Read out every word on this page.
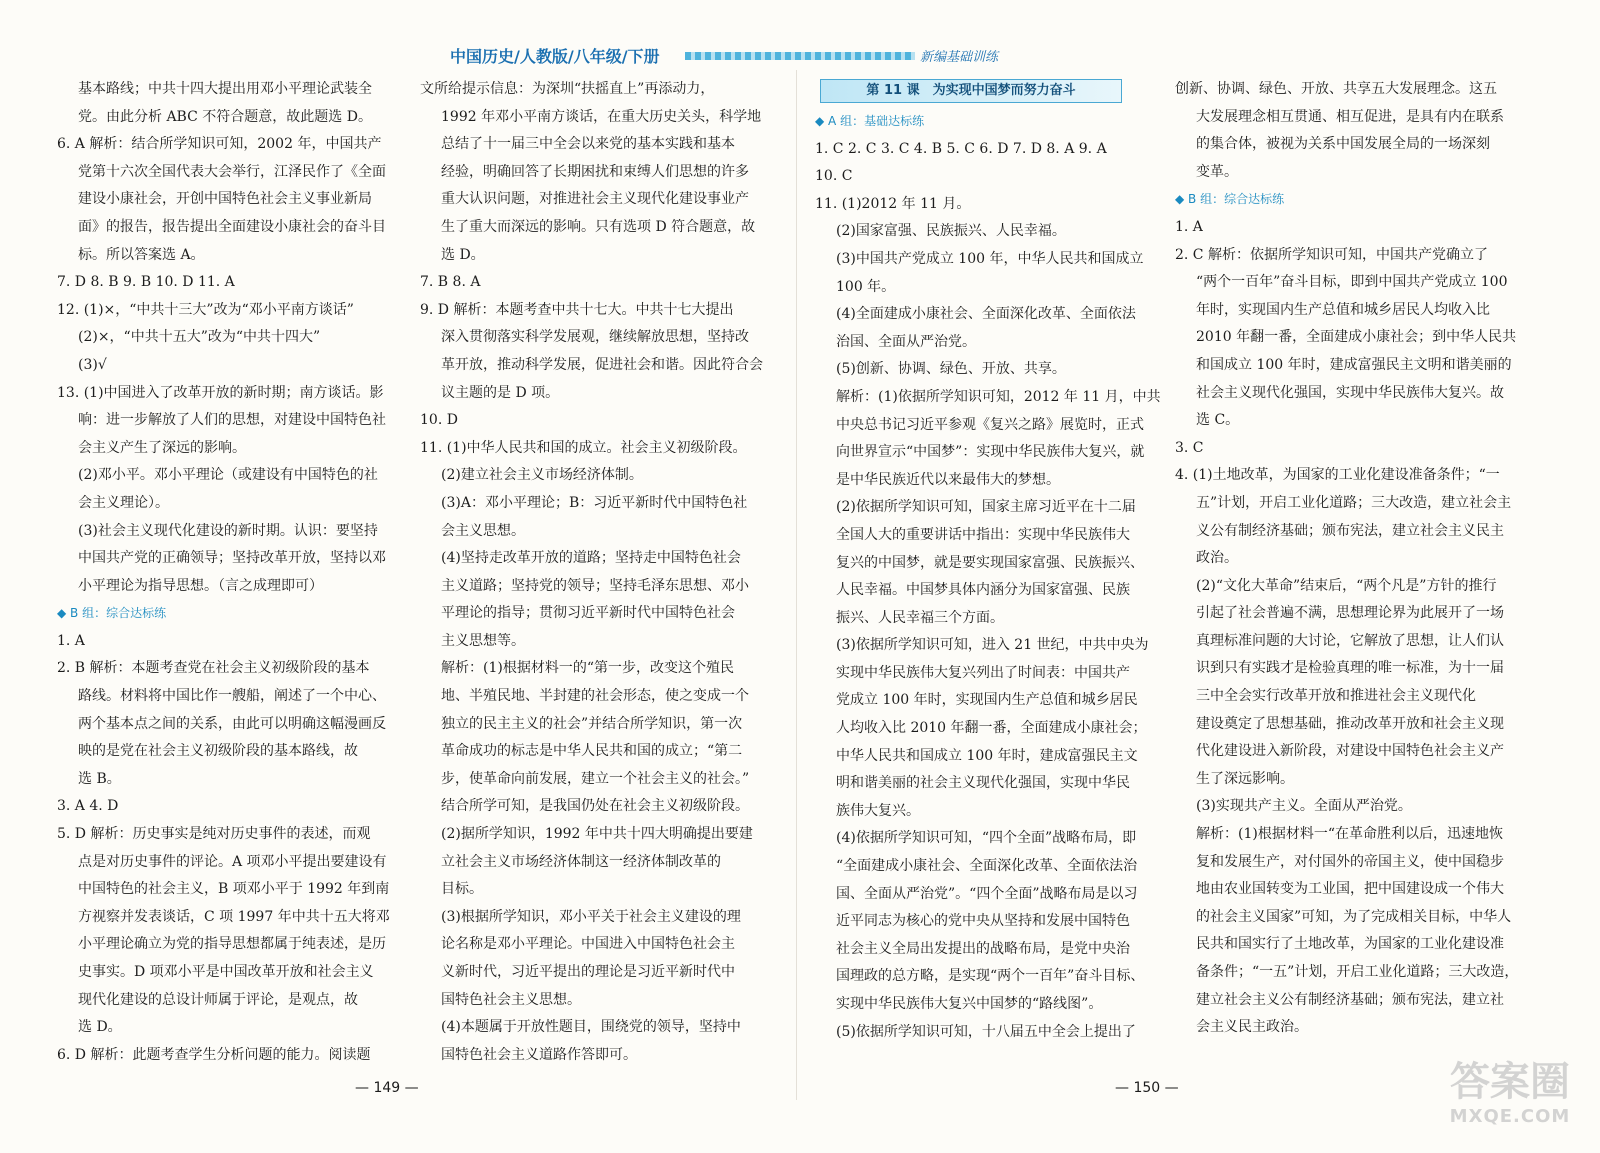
中国历史/人教版/八年级/下册	新编基础训练

基本路线；中共十四大提出用邓小平理论武装全

党。由此分析 ABC 不符合题意，故此题选 D。

6. A 解析：结合所学知识可知，2002 年，中国共产

党第十六次全国代表大会举行，江泽民作了《全面

建设小康社会，开创中国特色社会主义事业新局

面》的报告，报告提出全面建设小康社会的奋斗目

标。所以答案选 A。

7. D 8. B 9. B 10. D 11. A

12. (1)×，“中共十三大”改为“邓小平南方谈话”

(2)×，“中共十五大”改为“中共十四大”

(3)√

13. (1)中国进入了改革开放的新时期；南方谈话。影

响：进一步解放了人们的思想，对建设中国特色社

会主义产生了深远的影响。

(2)邓小平。邓小平理论（或建设有中国特色的社

会主义理论）。

(3)社会主义现代化建设的新时期。认识：要坚持

中国共产党的正确领导；坚持改革开放，坚持以邓

小平理论为指导思想。（言之成理即可）

◆ B 组：综合达标练

1. A

2. B 解析：本题考查党在社会主义初级阶段的基本

路线。材料将中国比作一艘船，阐述了一个中心、

两个基本点之间的关系，由此可以明确这幅漫画反

映的是党在社会主义初级阶段的基本路线，故

选 B。

3. A 4. D

5. D 解析：历史事实是纯对历史事件的表述，而观

点是对历史事件的评论。A 项邓小平提出要建设有

中国特色的社会主义，B 项邓小平于 1992 年到南

方视察并发表谈话，C 项 1997 年中共十五大将邓

小平理论确立为党的指导思想都属于纯表述，是历

史事实。D 项邓小平是中国改革开放和社会主义

现代化建设的总设计师属于评论，是观点，故

选 D。

6. D 解析：此题考查学生分析问题的能力。阅读题

文所给提示信息：为深圳“扶摇直上”再添动力，

1992 年邓小平南方谈话，在重大历史关头，科学地

总结了十一届三中全会以来党的基本实践和基本

经验，明确回答了长期困扰和束缚人们思想的许多

重大认识问题，对推进社会主义现代化建设事业产

生了重大而深远的影响。只有选项 D 符合题意，故

选 D。

7. B 8. A

9. D 解析：本题考查中共十七大。中共十七大提出

深入贯彻落实科学发展观，继续解放思想，坚持改

革开放，推动科学发展，促进社会和谐。因此符合会

议主题的是 D 项。

10. D

11. (1)中华人民共和国的成立。社会主义初级阶段。

(2)建立社会主义市场经济体制。

(3)A：邓小平理论；B：习近平新时代中国特色社

会主义思想。

(4)坚持走改革开放的道路；坚持走中国特色社会

主义道路；坚持党的领导；坚持毛泽东思想、邓小

平理论的指导；贯彻习近平新时代中国特色社会

主义思想等。

解析：(1)根据材料一的“第一步，改变这个殖民

地、半殖民地、半封建的社会形态，使之变成一个

独立的民主主义的社会”并结合所学知识，第一次

革命成功的标志是中华人民共和国的成立；“第二

步，使革命向前发展，建立一个社会主义的社会。”

结合所学可知，是我国仍处在社会主义初级阶段。

(2)据所学知识，1992 年中共十四大明确提出要建

立社会主义市场经济体制这一经济体制改革的

目标。

(3)根据所学知识，邓小平关于社会主义建设的理

论名称是邓小平理论。中国进入中国特色社会主

义新时代，习近平提出的理论是习近平新时代中

国特色社会主义思想。

(4)本题属于开放性题目，围绕党的领导，坚持中

国特色社会主义道路作答即可。

第 11 课　为实现中国梦而努力奋斗

◆ A 组：基础达标练

1. C 2. C 3. C 4. B 5. C 6. D 7. D 8. A 9. A

10. C

11. (1)2012 年 11 月。

(2)国家富强、民族振兴、人民幸福。

(3)中国共产党成立 100 年，中华人民共和国成立

100 年。

(4)全面建成小康社会、全面深化改革、全面依法

治国、全面从严治党。

(5)创新、协调、绿色、开放、共享。

解析：(1)依据所学知识可知，2012 年 11 月，中共

中央总书记习近平参观《复兴之路》展览时，正式

向世界宣示“中国梦”：实现中华民族伟大复兴，就

是中华民族近代以来最伟大的梦想。

(2)依据所学知识可知，国家主席习近平在十二届

全国人大的重要讲话中指出：实现中华民族伟大

复兴的中国梦，就是要实现国家富强、民族振兴、

人民幸福。中国梦具体内涵分为国家富强、民族

振兴、人民幸福三个方面。

(3)依据所学知识可知，进入 21 世纪，中共中央为

实现中华民族伟大复兴列出了时间表：中国共产

党成立 100 年时，实现国内生产总值和城乡居民

人均收入比 2010 年翻一番，全面建成小康社会；

中华人民共和国成立 100 年时，建成富强民主文

明和谐美丽的社会主义现代化强国，实现中华民

族伟大复兴。

(4)依据所学知识可知，“四个全面”战略布局，即

“全面建成小康社会、全面深化改革、全面依法治

国、全面从严治党”。“四个全面”战略布局是以习

近平同志为核心的党中央从坚持和发展中国特色

社会主义全局出发提出的战略布局，是党中央治

国理政的总方略，是实现“两个一百年”奋斗目标、

实现中华民族伟大复兴中国梦的“路线图”。

(5)依据所学知识可知，十八届五中全会上提出了

创新、协调、绿色、开放、共享五大发展理念。这五

大发展理念相互贯通、相互促进，是具有内在联系

的集合体，被视为关系中国发展全局的一场深刻

变革。

◆ B 组：综合达标练

1. A

2. C 解析：依据所学知识可知，中国共产党确立了

“两个一百年”奋斗目标，即到中国共产党成立 100

年时，实现国内生产总值和城乡居民人均收入比

2010 年翻一番，全面建成小康社会；到中华人民共

和国成立 100 年时，建成富强民主文明和谐美丽的

社会主义现代化强国，实现中华民族伟大复兴。故

选 C。

3. C

4. (1)土地改革，为国家的工业化建设准备条件；“一

五”计划，开启工业化道路；三大改造，建立社会主

义公有制经济基础；颁布宪法，建立社会主义民主

政治。

(2)“文化大革命”结束后，“两个凡是”方针的推行

引起了社会普遍不满，思想理论界为此展开了一场

真理标准问题的大讨论，它解放了思想，让人们认

识到只有实践才是检验真理的唯一标准，为十一届

三中全会实行改革开放和推进社会主义现代化

建设奠定了思想基础，推动改革开放和社会主义现

代化建设进入新阶段，对建设中国特色社会主义产

生了深远影响。

(3)实现共产主义。全面从严治党。

解析：(1)根据材料一“在革命胜利以后，迅速地恢

复和发展生产，对付国外的帝国主义，使中国稳步

地由农业国转变为工业国，把中国建设成一个伟大

的社会主义国家”可知，为了完成相关目标，中华人

民共和国实行了土地改革，为国家的工业化建设准

备条件；“一五”计划，开启工业化道路；三大改造，

建立社会主义公有制经济基础；颁布宪法，建立社

会主义民主政治。

— 149 —	— 150 —	答案圈
MXQE.COM
